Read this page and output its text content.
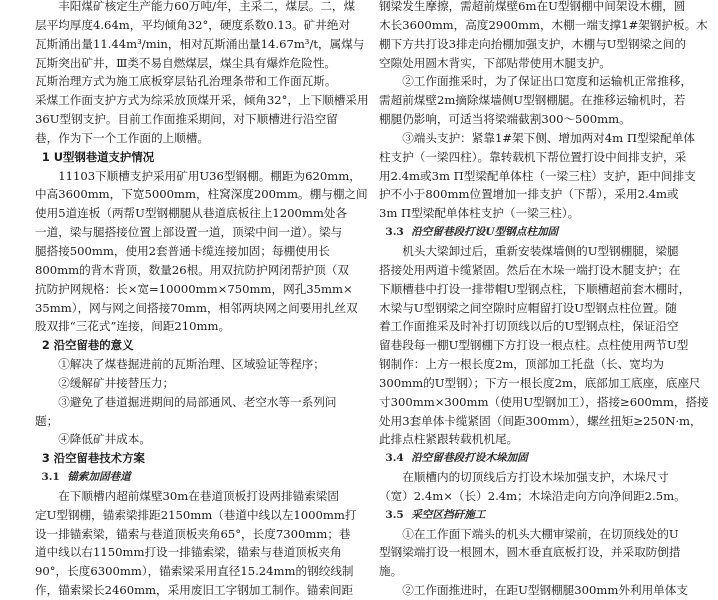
丰阳煤矿核定生产能力60万吨/年，主采二，煤层。二，煤
层平均厚度4.64m，平均倾角32°，硬度系数0.13。矿井绝对
瓦斯涌出量11.44m³/min，相对瓦斯涌出量14.67m³/t，属煤与
瓦斯突出矿井，Ⅲ类不易自燃煤层，煤尘具有爆炸危险性。
瓦斯治理方式为施工底板穿层钻孔治理条带和工作面瓦斯。
采煤工作面支护方式为综采放顶煤开采，倾角32°，上下顺槽采用
36U型钢支护。目前工作面推采期间，对下顺槽进行沿空留
巷，作为下一个工作面的上顺槽。
1 U型钢巷道支护情况
11103下顺槽支护采用矿用U36型钢棚。棚距为620mm，
中高3600mm，下宽5000mm，柱窝深度200mm。棚与棚之间
使用5道连板（两帮U型钢棚腿从巷道底板往上1200mm处各
一道，梁与腿搭接位置上部设置一道，顶梁中间一道）。梁与
腿搭接500mm，使用2套普通卡缆连接加固；每棚使用长
800mm的背木背顶，数量26根。用双抗防护网闭帮护顶（双
抗防护网规格：长×宽=10000mm×750mm，网孔35mm×
35mm），网与网之间搭接70mm，相邻两块网之间要用扎丝双
股双排“三花式”连接，间距210mm。
2 沿空留巷的意义
①解决了煤巷掘进前的瓦斯治理、区域验证等程序；
②缓解矿井接替压力；
③避免了巷道掘进期间的局部通风、老空水等一系列问
题；
④降低矿井成本。
3 沿空留巷技术方案
3.1 锚索加固巷道
在下顺槽内超前煤壁30m在巷道顶板打设两排锚索梁固
定U型钢棚，锚索梁排距2150mm（巷道中线以左1000mm打
设一排锚索梁，锚索与巷道顶板夹角65°，长度7300mm；巷
道中线以右1150mm打设一排锚索梁，锚索与巷道顶板夹角
90°，长度6300mm），锚索梁采用直径15.24mm的钢绞线制
作，锚索梁长2460mm，采用废旧工字钢加工制作。锚索间距
钢梁发生摩擦，需超前煤壁6m在U型钢棚中间架设木棚，圆
木长3600mm，高度2900mm，木棚一端支撑1#架钢护板。木
棚下方共打设3排走向抬棚加强支护，木棚与U型钢梁之间的
空隙处用圆木背实，下部贴带使用木腿支护。
②工作面推采时，为了保证出口宽度和运输机正常推移，
需超前煤壁2m摘除煤墙侧U型钢棚腿。在推移运输机时，若
棚腿仍影响，可适当将梁端截割300～500mm。
③端头支护：紧靠1#架下侧、增加两对4m Π型梁配单体
柱支护（一梁四柱）。靠转载机下帮位置打设中间排支护，采
用2.4m或3m Π型梁配单体柱（一梁三柱）支护，距中间排支
护不小于800mm位置增加一排支护（下帮），采用2.4m或
3m Π型梁配单体柱支护（一梁三柱）。
3.3 沿空留巷段打设U型钢点柱加固
机头大梁卸过后，重新安装煤墙侧的U型钢棚腿，梁腿
搭接处用两道卡缆紧固。然后在木垛一端打设木腿支护；在
下顺槽巷中打设一排带帽U型钢点柱，下顺槽超前套木棚时，
木梁与U型钢梁之间空隙时应帽留打设U型钢点柱位置。随
着工作面推采及时补打切顶线以后的U型钢点柱，保证沿空
留巷段每一棚U型钢棚下方打设一根点柱。点柱使用两节U型
钢制作：上方一根长度2m，顶部加工托盘（长、宽均为
300mm的U型钢）；下方一根长度2m，底部加工底座，底座尺
寸300mm×300mm（使用U型钢加工），搭接≥600mm，搭接
处用3套单体卡缆紧固（间距300mm），螺丝扭矩≥250N·m，
此排点柱紧跟转载机机尾。
3.4 沿空留巷段打设木垛加固
在顺槽内的切顶线后方打设木垛加强支护，木垛尺寸
（宽）2.4m×（长）2.4m；木垛沿走向方向净间距2.5m。
3.5 采空区挡矸施工
①在工作面下端头的机头大棚审梁前，在切顶线处的U
型钢梁端打设一根圆木，圆木垂直底板打设，并采取防倒措
施。
②工作面推进时，在距U型钢棚腿300mm外利用单体支
